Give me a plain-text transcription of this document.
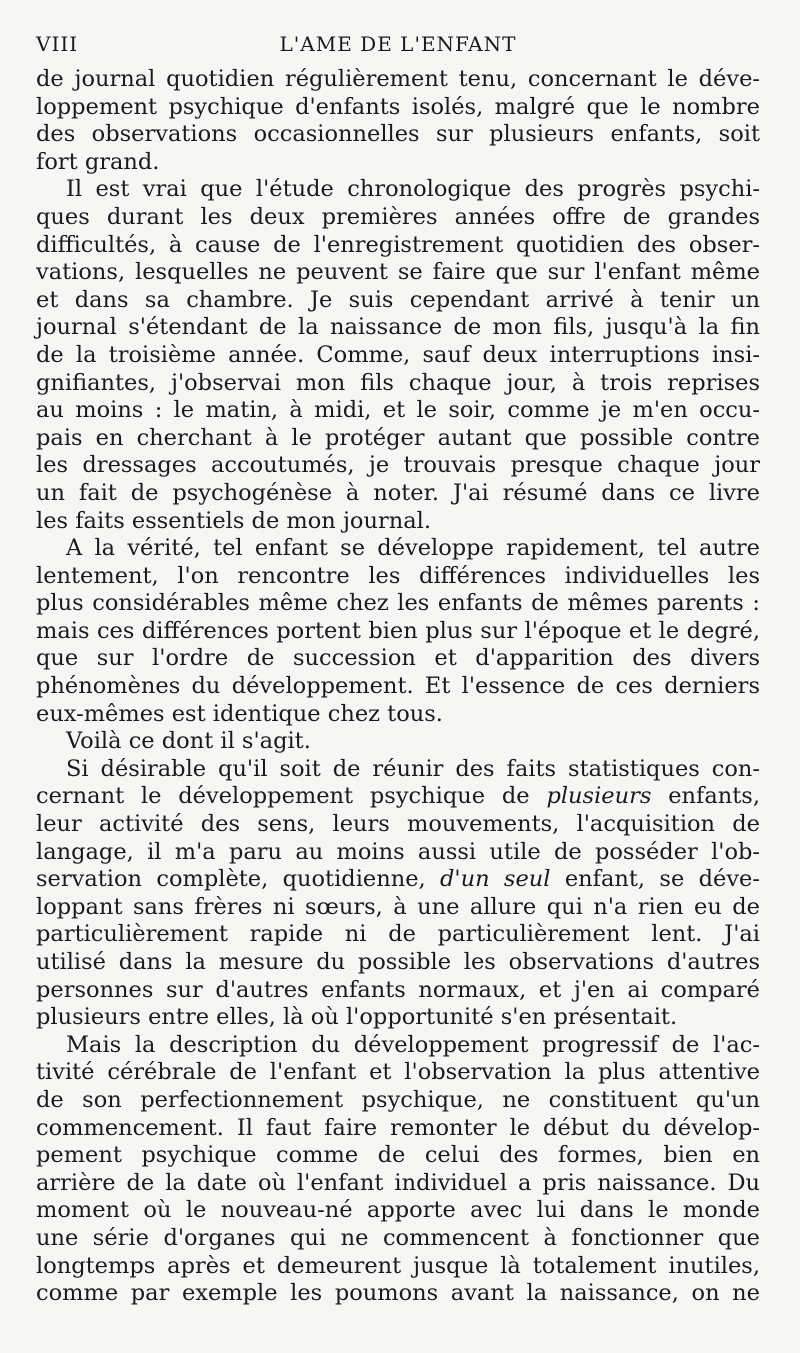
VIII	L'AME DE L'ENFANT
de journal quotidien régulièrement tenu, concernant le déve-
loppement psychique d'enfants isolés, malgré que le nombre
des observations occasionnelles sur plusieurs enfants, soit
fort grand.
Il est vrai que l'étude chronologique des progrès psychi-
ques durant les deux premières années offre de grandes
difficultés, à cause de l'enregistrement quotidien des obser-
vations, lesquelles ne peuvent se faire que sur l'enfant même
et dans sa chambre. Je suis cependant arrivé à tenir un
journal s'étendant de la naissance de mon fils, jusqu'à la fin
de la troisième année. Comme, sauf deux interruptions insi-
gnifiantes, j'observai mon fils chaque jour, à trois reprises
au moins : le matin, à midi, et le soir, comme je m'en occu-
pais en cherchant à le protéger autant que possible contre
les dressages accoutumés, je trouvais presque chaque jour
un fait de psychogénèse à noter. J'ai résumé dans ce livre
les faits essentiels de mon journal.
A la vérité, tel enfant se développe rapidement, tel autre
lentement, l'on rencontre les différences individuelles les
plus considérables même chez les enfants de mêmes parents :
mais ces différences portent bien plus sur l'époque et le degré,
que sur l'ordre de succession et d'apparition des divers
phénomènes du développement. Et l'essence de ces derniers
eux-mêmes est identique chez tous.
Voilà ce dont il s'agit.
Si désirable qu'il soit de réunir des faits statistiques con-
cernant le développement psychique de plusieurs enfants,
leur activité des sens, leurs mouvements, l'acquisition de
langage, il m'a paru au moins aussi utile de posséder l'ob-
servation complète, quotidienne, d'un seul enfant, se déve-
loppant sans frères ni sœurs, à une allure qui n'a rien eu de
particulièrement rapide ni de particulièrement lent. J'ai
utilisé dans la mesure du possible les observations d'autres
personnes sur d'autres enfants normaux, et j'en ai comparé
plusieurs entre elles, là où l'opportunité s'en présentait.
Mais la description du développement progressif de l'ac-
tivité cérébrale de l'enfant et l'observation la plus attentive
de son perfectionnement psychique, ne constituent qu'un
commencement. Il faut faire remonter le début du dévelop-
pement psychique comme de celui des formes, bien en
arrière de la date où l'enfant individuel a pris naissance. Du
moment où le nouveau-né apporte avec lui dans le monde
une série d'organes qui ne commencent à fonctionner que
longtemps après et demeurent jusque là totalement inutiles,
comme par exemple les poumons avant la naissance, on ne
